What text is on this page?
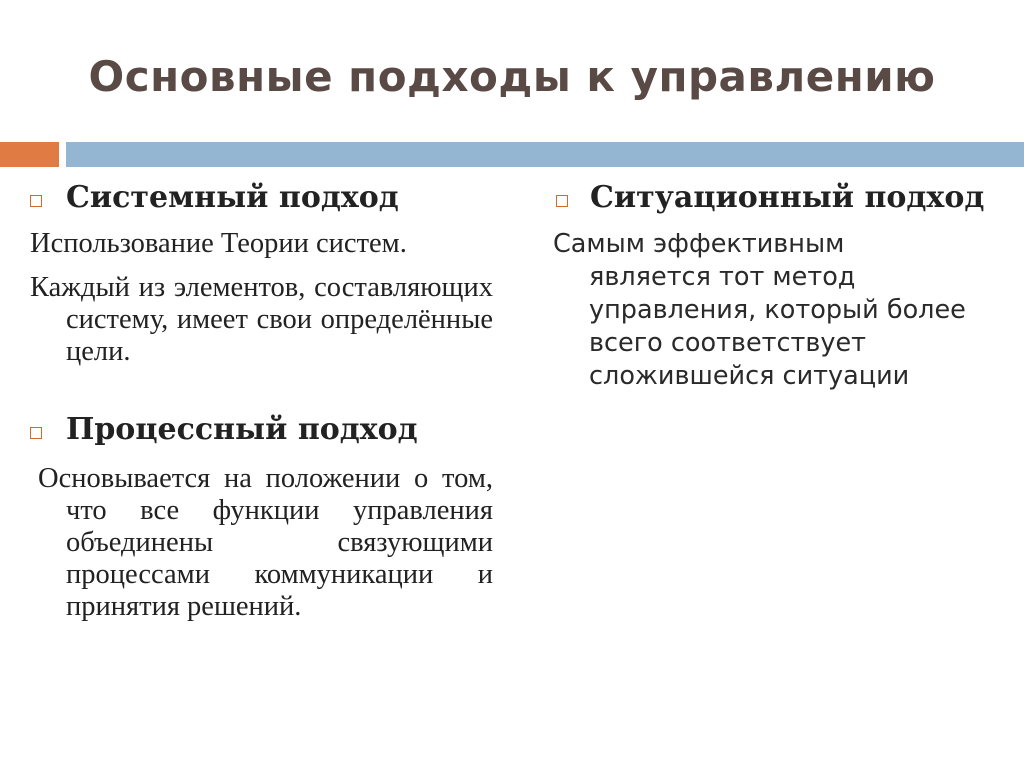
Основные подходы к управлению
Системный подход
Использование Теории систем.
Каждый из элементов, составляющих систему, имеет свои определённые цели.
Процессный подход
Основывается на положении о том, что все функции управления объединены связующими процессами коммуникации и принятия решений.
Ситуационный подход
Самым эффективным
является тот метод управления, который более всего соответствует сложившейся ситуации
